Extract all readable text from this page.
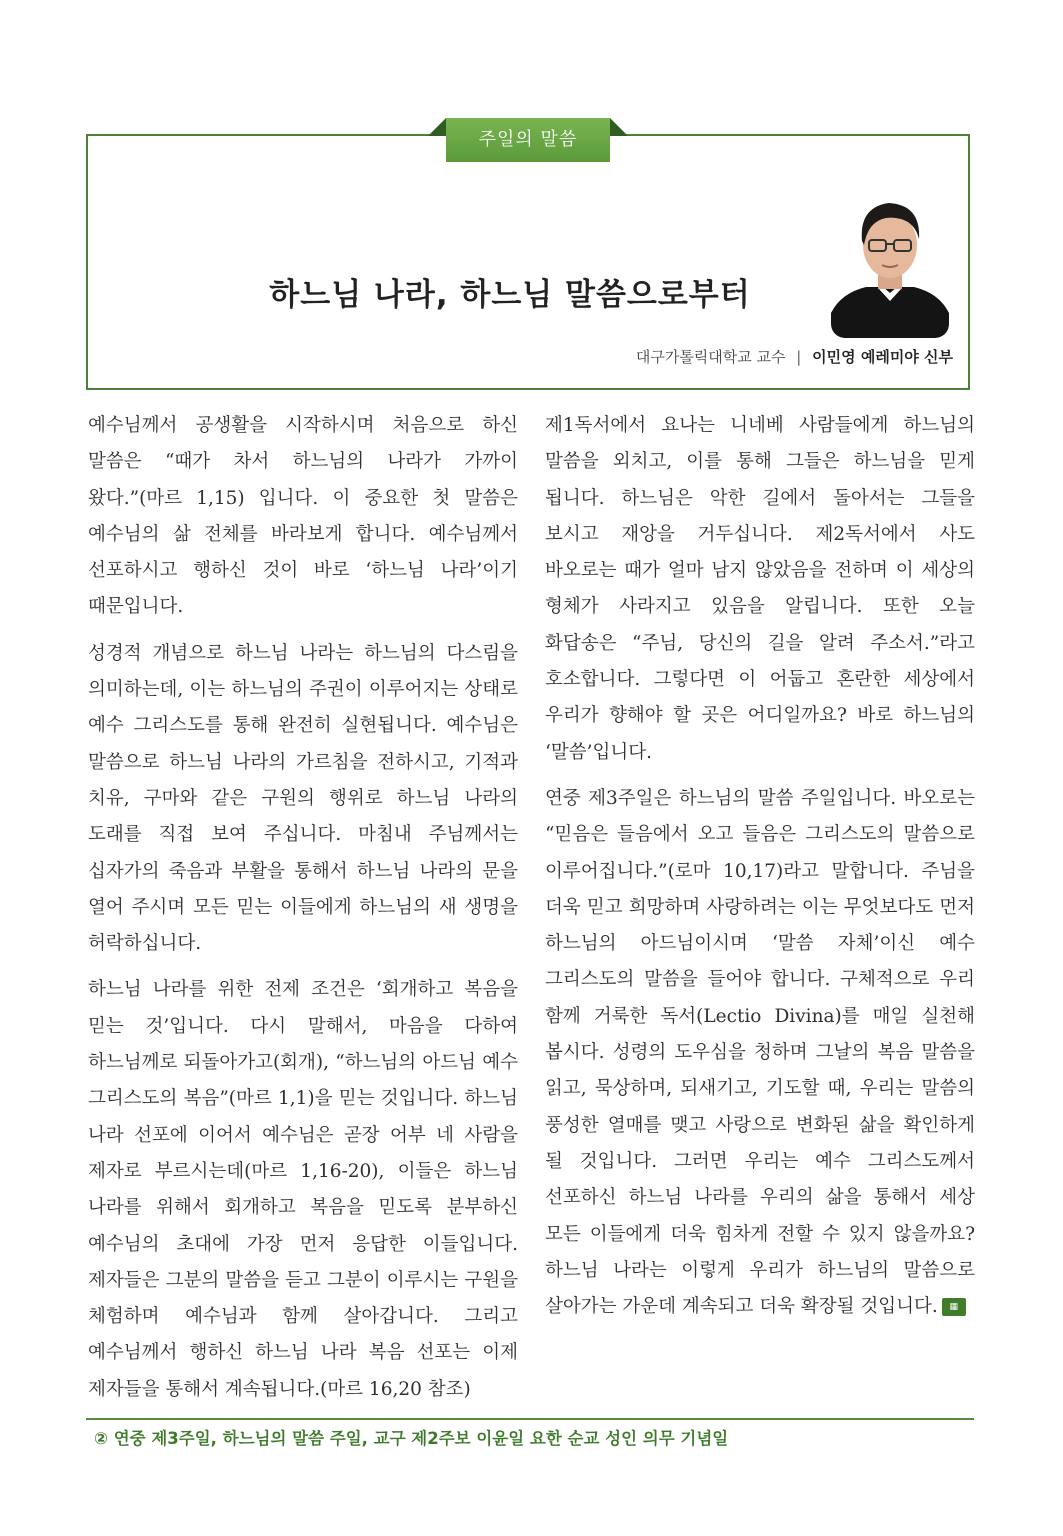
주일의 말씀
하느님 나라, 하느님 말씀으로부터
대구가톨릭대학교 교수 | 이민영 예레미야 신부

예수님께서 공생활을 시작하시며 처음으로 하신 말씀은 “때가 차서 하느님의 나라가 가까이 왔다.”(마르 1,15) 입니다. 이 중요한 첫 말씀은 예수님의 삶 전체를 바라보게 합니다. 예수님께서 선포하시고 행하신 것이 바로 ‘하느님 나라’이기 때문입니다.

성경적 개념으로 하느님 나라는 하느님의 다스림을 의미하는데, 이는 하느님의 주권이 이루어지는 상태로 예수 그리스도를 통해 완전히 실현됩니다. 예수님은 말씀으로 하느님 나라의 가르침을 전하시고, 기적과 치유, 구마와 같은 구원의 행위로 하느님 나라의 도래를 직접 보여 주십니다. 마침내 주님께서는 십자가의 죽음과 부활을 통해서 하느님 나라의 문을 열어 주시며 모든 믿는 이들에게 하느님의 새 생명을 허락하십니다.

하느님 나라를 위한 전제 조건은 ‘회개하고 복음을 믿는 것’입니다. 다시 말해서, 마음을 다하여 하느님께로 되돌아가고(회개), “하느님의 아드님 예수 그리스도의 복음”(마르 1,1)을 믿는 것입니다. 하느님 나라 선포에 이어서 예수님은 곧장 어부 네 사람을 제자로 부르시는데(마르 1,16-20), 이들은 하느님 나라를 위해서 회개하고 복음을 믿도록 분부하신 예수님의 초대에 가장 먼저 응답한 이들입니다. 제자들은 그분의 말씀을 듣고 그분이 이루시는 구원을 체험하며 예수님과 함께 살아갑니다. 그리고 예수님께서 행하신 하느님 나라 복음 선포는 이제 제자들을 통해서 계속됩니다.(마르 16,20 참조)

제1독서에서 요나는 니네베 사람들에게 하느님의 말씀을 외치고, 이를 통해 그들은 하느님을 믿게 됩니다. 하느님은 악한 길에서 돌아서는 그들을 보시고 재앙을 거두십니다. 제2독서에서 사도 바오로는 때가 얼마 남지 않았음을 전하며 이 세상의 형체가 사라지고 있음을 알립니다. 또한 오늘 화답송은 “주님, 당신의 길을 알려 주소서.”라고 호소합니다. 그렇다면 이 어둡고 혼란한 세상에서 우리가 향해야 할 곳은 어디일까요? 바로 하느님의 ‘말씀’입니다.

연중 제3주일은 하느님의 말씀 주일입니다. 바오로는 “믿음은 들음에서 오고 들음은 그리스도의 말씀으로 이루어집니다.”(로마 10,17)라고 말합니다. 주님을 더욱 믿고 희망하며 사랑하려는 이는 무엇보다도 먼저 하느님의 아드님이시며 ‘말씀 자체’이신 예수 그리스도의 말씀을 들어야 합니다. 구체적으로 우리 함께 거룩한 독서(Lectio Divina)를 매일 실천해 봅시다. 성령의 도우심을 청하며 그날의 복음 말씀을 읽고, 묵상하며, 되새기고, 기도할 때, 우리는 말씀의 풍성한 열매를 맺고 사랑으로 변화된 삶을 확인하게 될 것입니다. 그러면 우리는 예수 그리스도께서 선포하신 하느님 나라를 우리의 삶을 통해서 세상 모든 이들에게 더욱 힘차게 전할 수 있지 않을까요? 하느님 나라는 이렇게 우리가 하느님의 말씀으로 살아가는 가운데 계속되고 더욱 확장될 것입니다. ▦

② 연중 제3주일, 하느님의 말씀 주일, 교구 제2주보 이윤일 요한 순교 성인 의무 기념일
